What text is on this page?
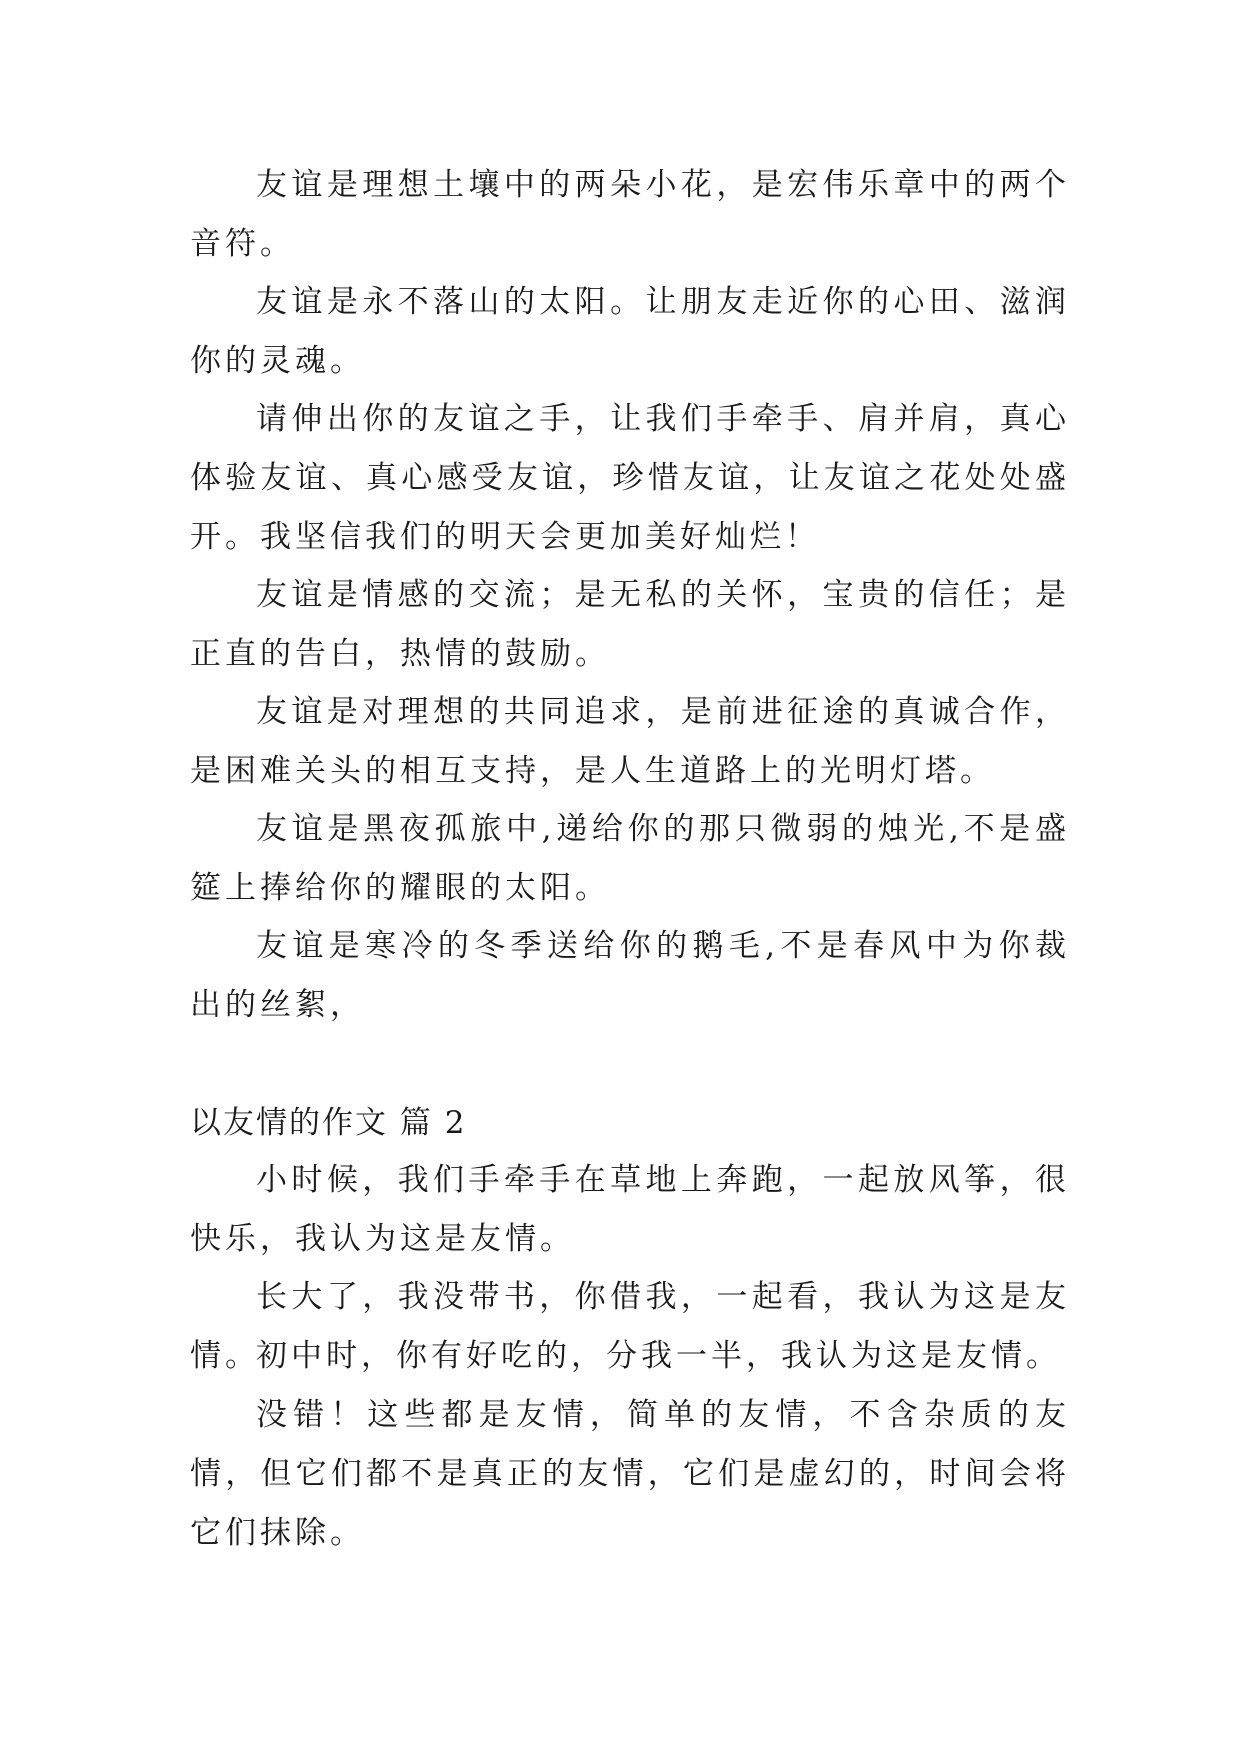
友谊是理想土壤中的两朵小花，是宏伟乐章中的两个音符。

友谊是永不落山的太阳。让朋友走近你的心田、滋润你的灵魂。

请伸出你的友谊之手，让我们手牵手、肩并肩，真心体验友谊、真心感受友谊，珍惜友谊，让友谊之花处处盛开。我坚信我们的明天会更加美好灿烂！

友谊是情感的交流；是无私的关怀，宝贵的信任；是正直的告白，热情的鼓励。

友谊是对理想的共同追求，是前进征途的真诚合作，是困难关头的相互支持，是人生道路上的光明灯塔。

友谊是黑夜孤旅中,递给你的那只微弱的烛光,不是盛筵上捧给你的耀眼的太阳。

友谊是寒冷的冬季送给你的鹅毛,不是春风中为你裁出的丝絮，

以友情的作文 篇 2

小时候，我们手牵手在草地上奔跑，一起放风筝，很快乐，我认为这是友情。

长大了，我没带书，你借我，一起看，我认为这是友情。

初中时，你有好吃的，分我一半，我认为这是友情。

没错！这些都是友情，简单的友情，不含杂质的友情，但它们都不是真正的友情，它们是虚幻的，时间会将它们抹除。
